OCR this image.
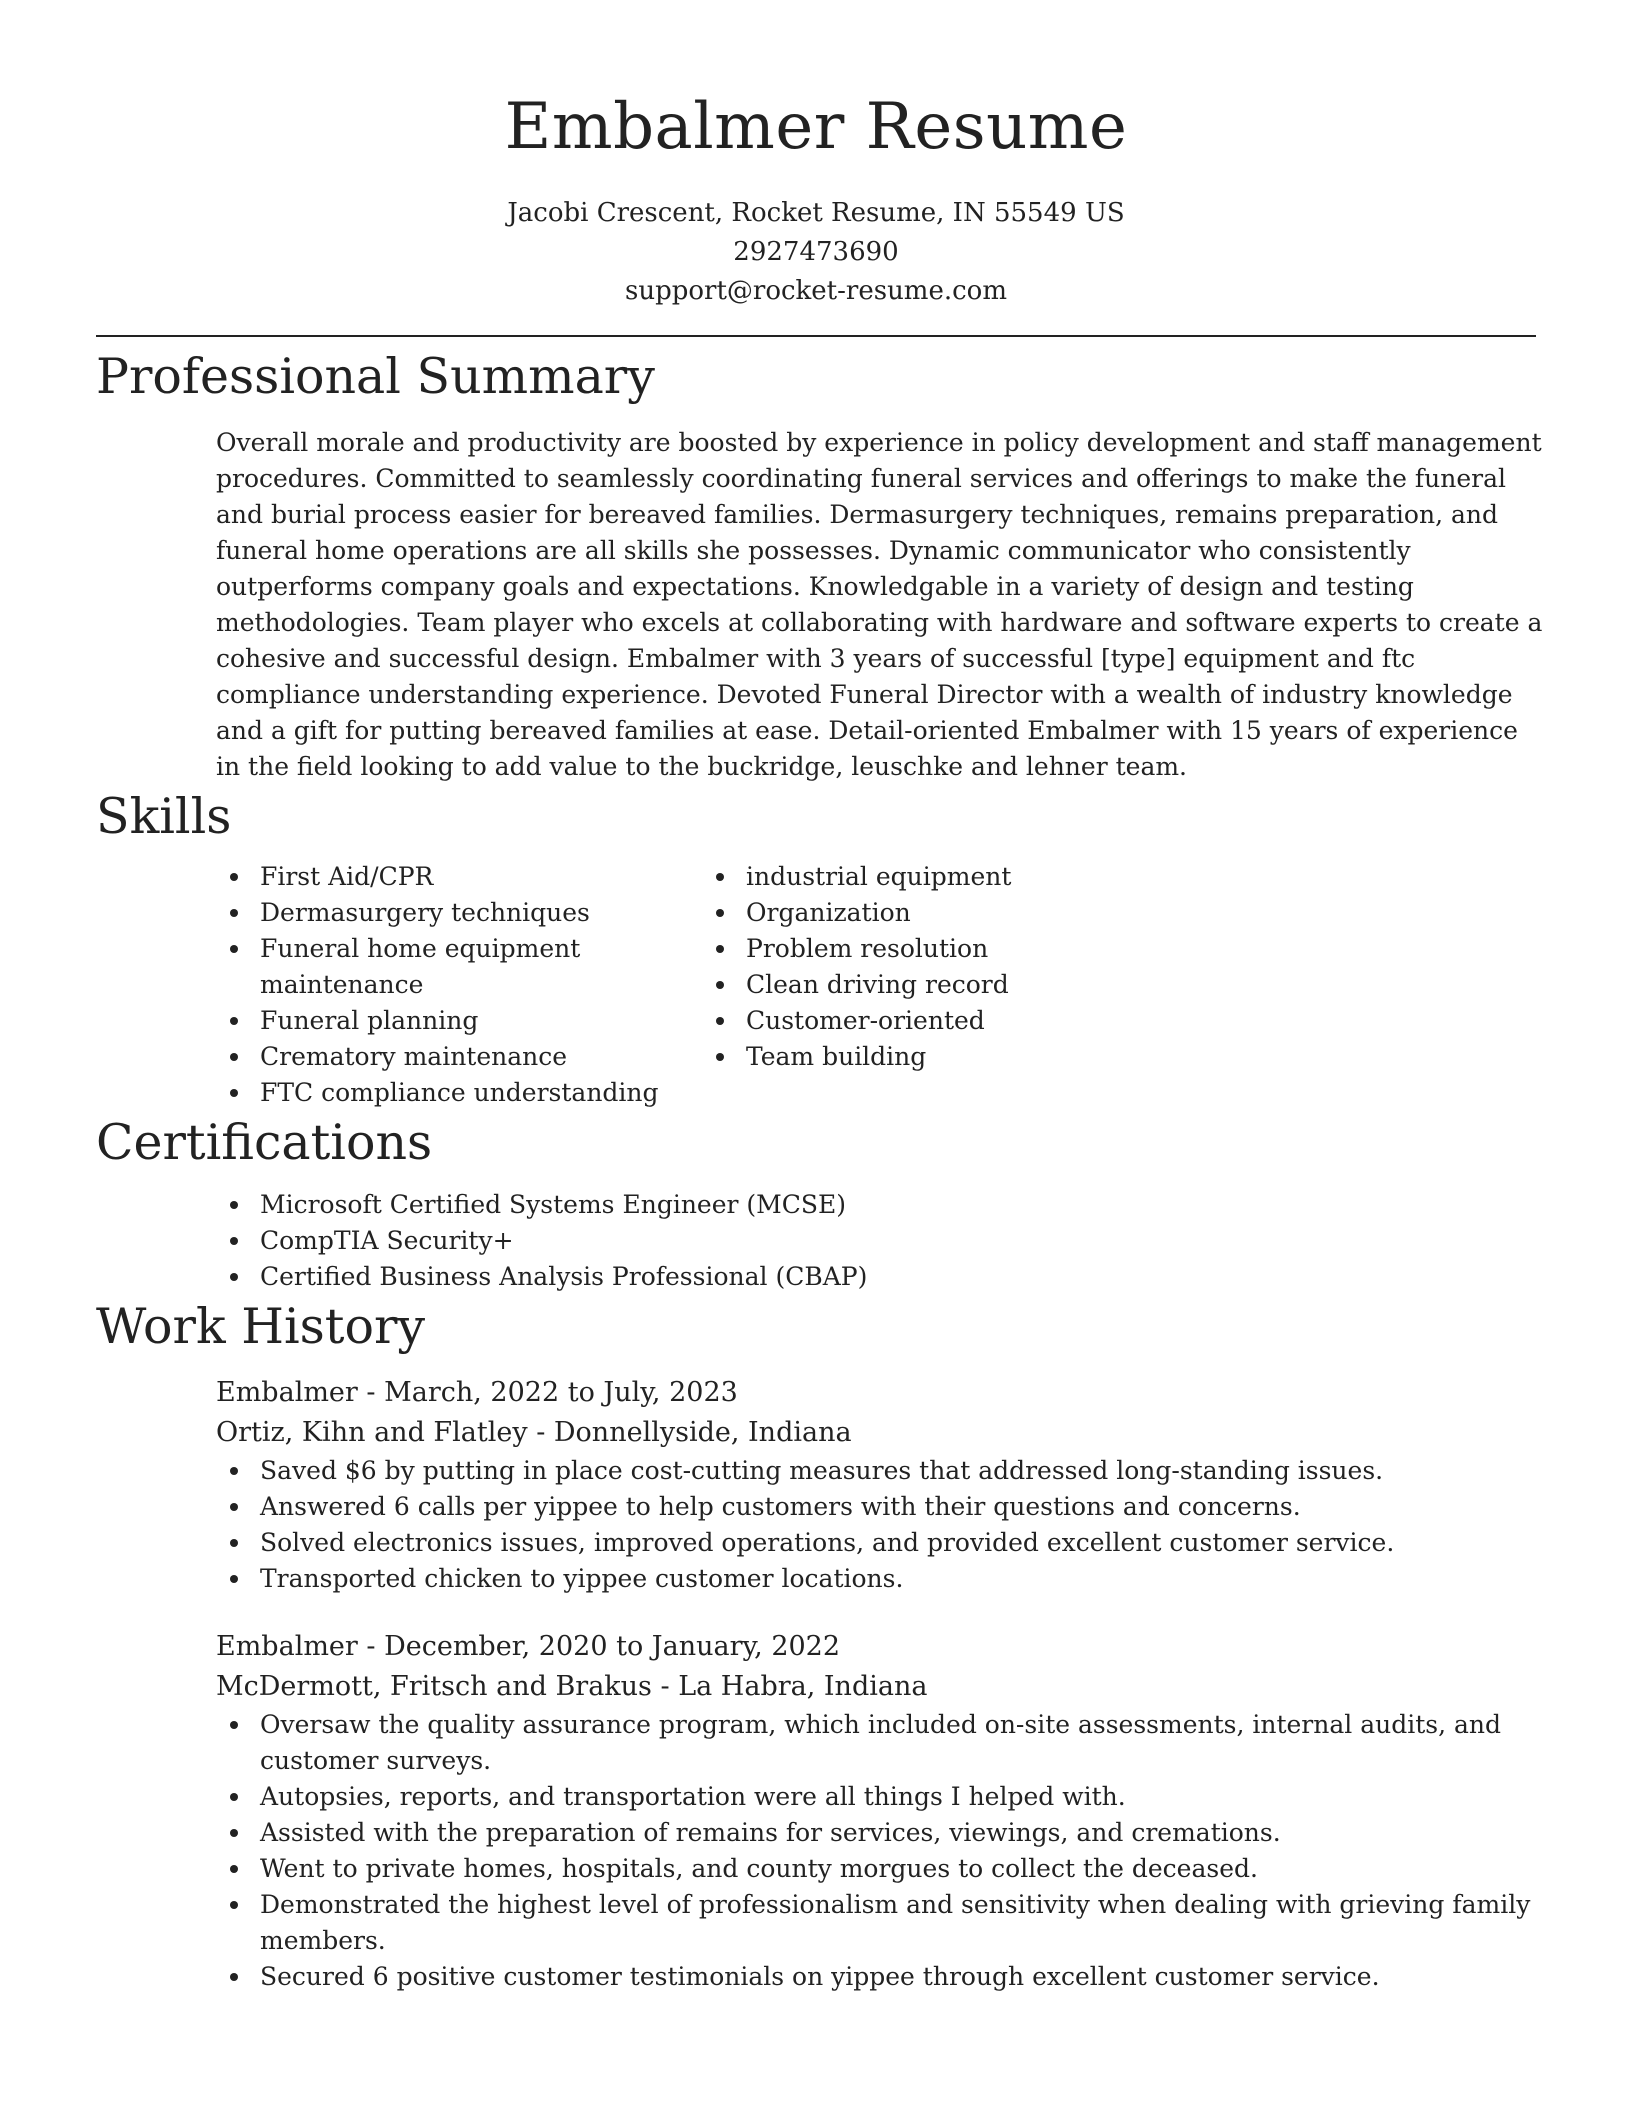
Embalmer Resume
Jacobi Crescent, Rocket Resume, IN 55549 US
2927473690
support@rocket-resume.com
Professional Summary

Overall morale and productivity are boosted by experience in policy development and staff management procedures. Committed to seamlessly coordinating funeral services and offerings to make the funeral and burial process easier for bereaved families. Dermasurgery techniques, remains preparation, and funeral home operations are all skills she possesses. Dynamic communicator who consistently outperforms company goals and expectations. Knowledgable in a variety of design and testing methodologies. Team player who excels at collaborating with hardware and software experts to create a cohesive and successful design. Embalmer with 3 years of successful [type] equipment and ftc compliance understanding experience. Devoted Funeral Director with a wealth of industry knowledge and a gift for putting bereaved families at ease. Detail-oriented Embalmer with 15 years of experience in the field looking to add value to the buckridge, leuschke and lehner team.

Skills
First Aid/CPR
Dermasurgery techniques
Funeral home equipment maintenance
Funeral planning
Crematory maintenance
FTC compliance understanding
industrial equipment
Organization
Problem resolution
Clean driving record
Customer-oriented
Team building
Certifications
Microsoft Certified Systems Engineer (MCSE)
CompTIA Security+
Certified Business Analysis Professional (CBAP)
Work History
Embalmer - March, 2022 to July, 2023
Ortiz, Kihn and Flatley - Donnellyside, Indiana
Saved $6 by putting in place cost-cutting measures that addressed long-standing issues.
Answered 6 calls per yippee to help customers with their questions and concerns.
Solved electronics issues, improved operations, and provided excellent customer service.
Transported chicken to yippee customer locations.
Embalmer - December, 2020 to January, 2022
McDermott, Fritsch and Brakus - La Habra, Indiana
Oversaw the quality assurance program, which included on-site assessments, internal audits, and customer surveys.
Autopsies, reports, and transportation were all things I helped with.
Assisted with the preparation of remains for services, viewings, and cremations.
Went to private homes, hospitals, and county morgues to collect the deceased.
Demonstrated the highest level of professionalism and sensitivity when dealing with grieving family members.
Secured 6 positive customer testimonials on yippee through excellent customer service.
